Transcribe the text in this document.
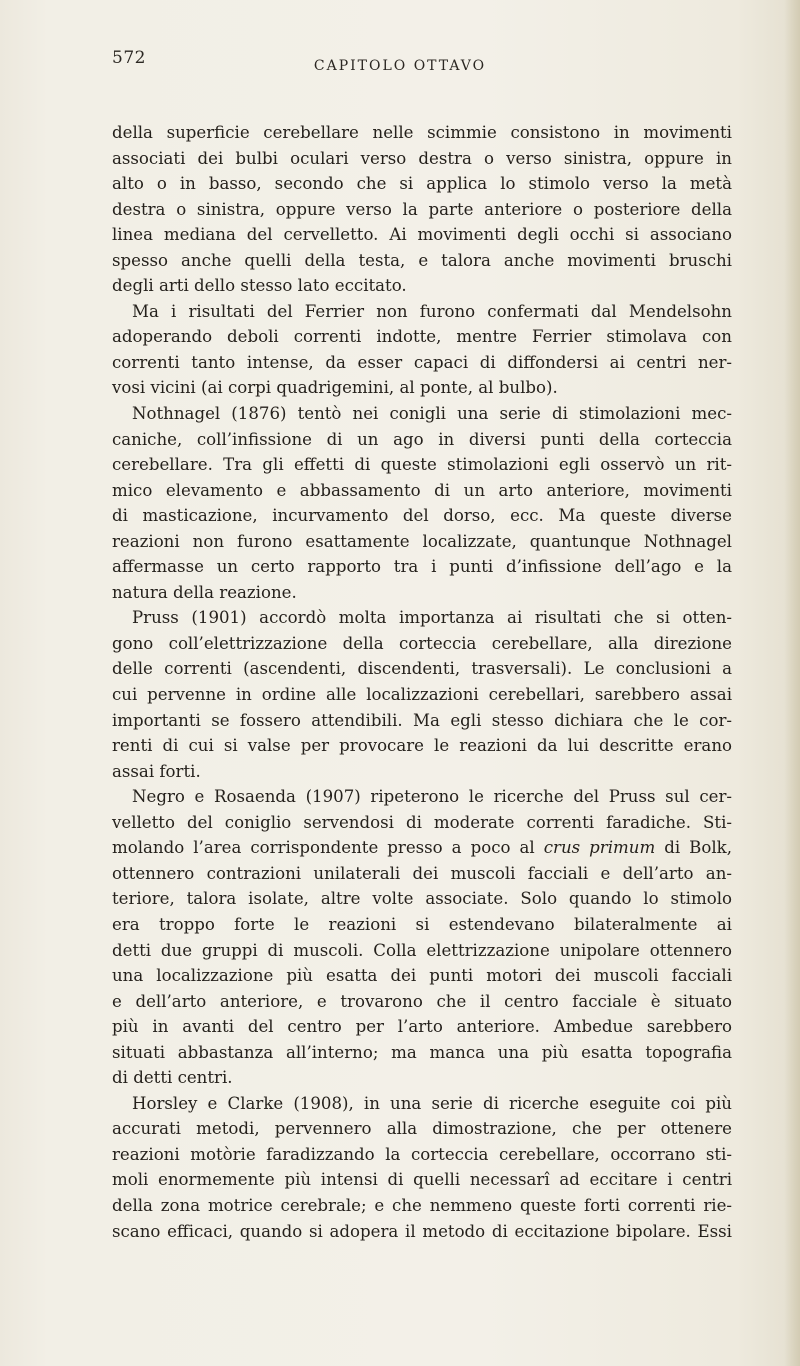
572	CAPITOLO OTTAVO
della superficie cerebellare nelle scimmie consistono in movimenti
associati dei bulbi oculari verso destra o verso sinistra, oppure in
alto o in basso, secondo che si applica lo stimolo verso la metà
destra o sinistra, oppure verso la parte anteriore o posteriore della
linea mediana del cervelletto. Ai movimenti degli occhi si associano
spesso anche quelli della testa, e talora anche movimenti bruschi
degli arti dello stesso lato eccitato.
Ma i risultati del Ferrier non furono confermati dal Mendelsohn
adoperando deboli correnti indotte, mentre Ferrier stimolava con
correnti tanto intense, da esser capaci di diffondersi ai centri ner-
vosi vicini (ai corpi quadrigemini, al ponte, al bulbo).
Nothnagel (1876) tentò nei conigli una serie di stimolazioni mec-
caniche, coll’infissione di un ago in diversi punti della corteccia
cerebellare. Tra gli effetti di queste stimolazioni egli osservò un rit-
mico elevamento e abbassamento di un arto anteriore, movimenti
di masticazione, incurvamento del dorso, ecc. Ma queste diverse
reazioni non furono esattamente localizzate, quantunque Nothnagel
affermasse un certo rapporto tra i punti d’infissione dell’ago e la
natura della reazione.
Pruss (1901) accordò molta importanza ai risultati che si otten-
gono coll’elettrizzazione della corteccia cerebellare, alla direzione
delle correnti (ascendenti, discendenti, trasversali). Le conclusioni a
cui pervenne in ordine alle localizzazioni cerebellari, sarebbero assai
importanti se fossero attendibili. Ma egli stesso dichiara che le cor-
renti di cui si valse per provocare le reazioni da lui descritte erano
assai forti.
Negro e Rosaenda (1907) ripeterono le ricerche del Pruss sul cer-
velletto del coniglio servendosi di moderate correnti faradiche. Sti-
molando l’area corrispondente presso a poco al crus primum di Bolk,
ottennero contrazioni unilaterali dei muscoli facciali e dell’arto an-
teriore, talora isolate, altre volte associate. Solo quando lo stimolo
era troppo forte le reazioni si estendevano bilateralmente ai
detti due gruppi di muscoli. Colla elettrizzazione unipolare ottennero
una localizzazione più esatta dei punti motori dei muscoli facciali
e dell’arto anteriore, e trovarono che il centro facciale è situato
più in avanti del centro per l’arto anteriore. Ambedue sarebbero
situati abbastanza all’interno; ma manca una più esatta topografia
di detti centri.
Horsley e Clarke (1908), in una serie di ricerche eseguite coi più
accurati metodi, pervennero alla dimostrazione, che per ottenere
reazioni motòrie faradizzando la corteccia cerebellare, occorrano sti-
moli enormemente più intensi di quelli necessarî ad eccitare i centri
della zona motrice cerebrale; e che nemmeno queste forti correnti rie-
scano efficaci, quando si adopera il metodo di eccitazione bipolare. Essi
